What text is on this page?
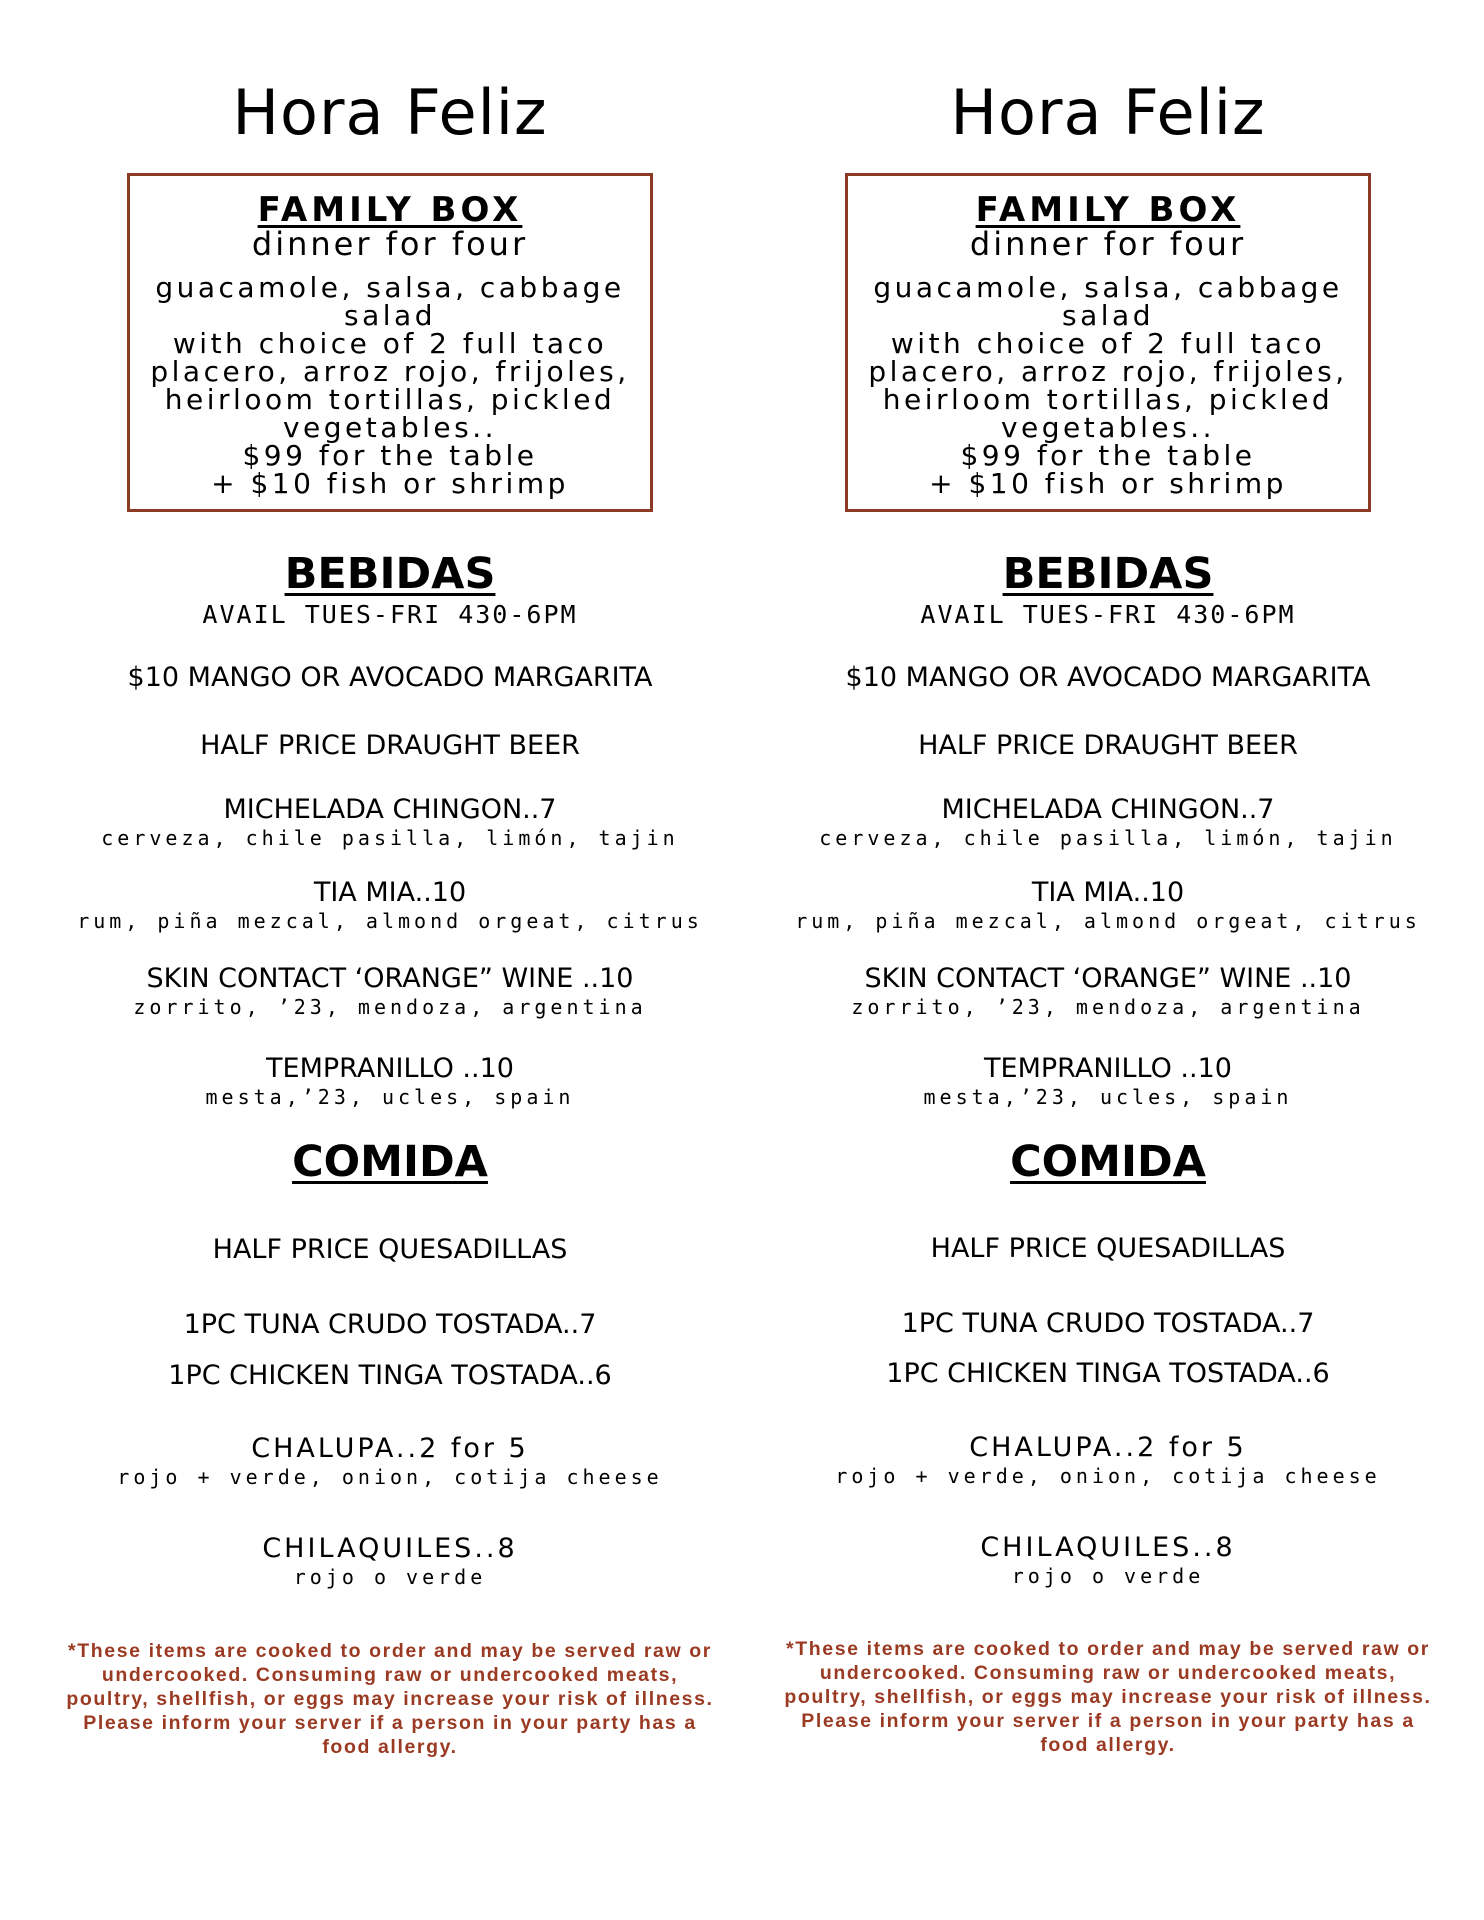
Hora Feliz
FAMILY BOX
dinner for four
guacamole, salsa, cabbage
salad
with choice of 2 full taco
placero, arroz rojo, frijoles,
heirloom tortillas, pickled
vegetables..
$99 for the table
+ $10 fish or shrimp
BEBIDAS
AVAIL TUES-FRI 430-6PM
$10 MANGO OR AVOCADO MARGARITA
HALF PRICE DRAUGHT BEER
MICHELADA CHINGON..7
cerveza, chile pasilla, limón, tajin
TIA MIA..10
rum, piña mezcal, almond orgeat, citrus
SKIN CONTACT ‘ORANGE” WINE ..10
zorrito, ’23, mendoza, argentina
TEMPRANILLO ..10
mesta,’23, ucles, spain
COMIDA
HALF PRICE QUESADILLAS
1PC TUNA CRUDO TOSTADA..7
1PC CHICKEN TINGA TOSTADA..6
CHALUPA..2 for 5
rojo + verde, onion, cotija cheese
CHILAQUILES..8
rojo o verde
*These items are cooked to order and may be served raw or undercooked. Consuming raw or undercooked meats, poultry, shellfish, or eggs may increase your risk of illness. Please inform your server if a person in your party has a food allergy.
Hora Feliz
FAMILY BOX
dinner for four
guacamole, salsa, cabbage
salad
with choice of 2 full taco
placero, arroz rojo, frijoles,
heirloom tortillas, pickled
vegetables..
$99 for the table
+ $10 fish or shrimp
BEBIDAS
AVAIL TUES-FRI 430-6PM
$10 MANGO OR AVOCADO MARGARITA
HALF PRICE DRAUGHT BEER
MICHELADA CHINGON..7
cerveza, chile pasilla, limón, tajin
TIA MIA..10
rum, piña mezcal, almond orgeat, citrus
SKIN CONTACT ‘ORANGE” WINE ..10
zorrito, ’23, mendoza, argentina
TEMPRANILLO ..10
mesta,’23, ucles, spain
COMIDA
HALF PRICE QUESADILLAS
1PC TUNA CRUDO TOSTADA..7
1PC CHICKEN TINGA TOSTADA..6
CHALUPA..2 for 5
rojo + verde, onion, cotija cheese
CHILAQUILES..8
rojo o verde
*These items are cooked to order and may be served raw or undercooked. Consuming raw or undercooked meats, poultry, shellfish, or eggs may increase your risk of illness. Please inform your server if a person in your party has a food allergy.
